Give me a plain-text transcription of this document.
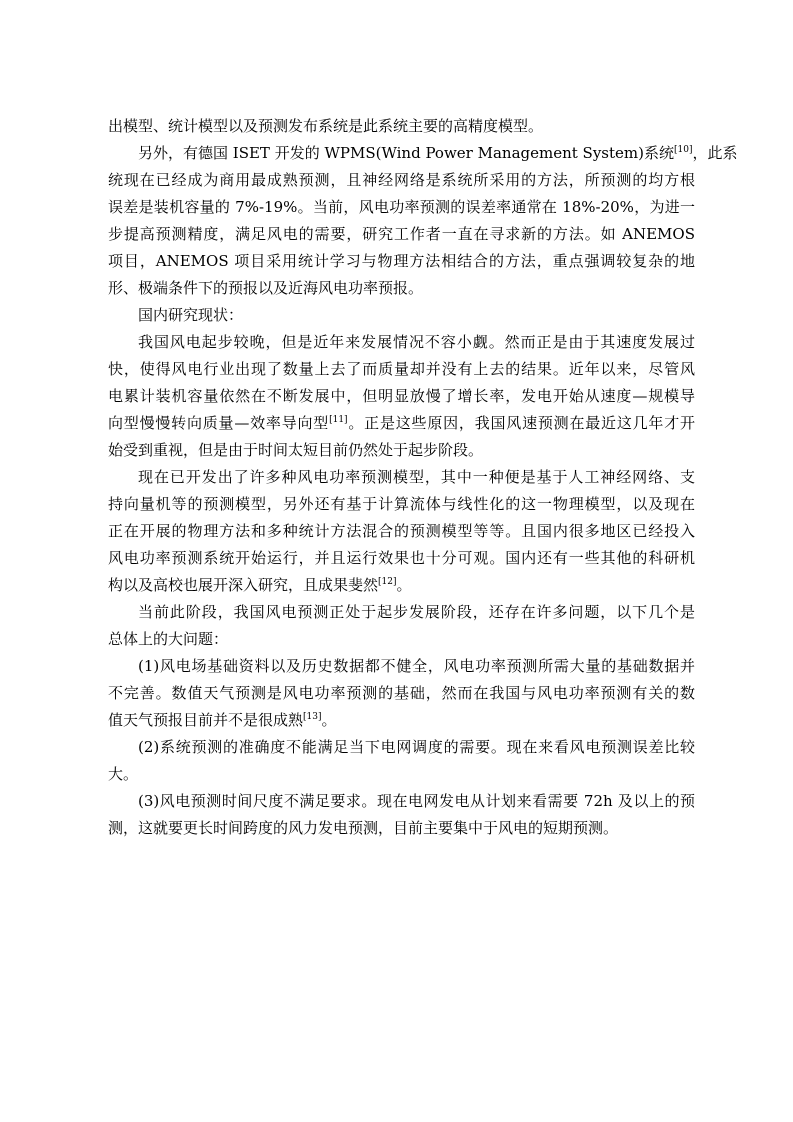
出模型、统计模型以及预测发布系统是此系统主要的高精度模型。
另外，有德国 ISET 开发的 WPMS(Wind Power Management System)系统[10]，此系
统现在已经成为商用最成熟预测，且神经网络是系统所采用的方法，所预测的均方根
误差是装机容量的 7%-19%。当前，风电功率预测的误差率通常在 18%-20%，为进一
步提高预测精度，满足风电的需要，研究工作者一直在寻求新的方法。如 ANEMOS
项目，ANEMOS 项目采用统计学习与物理方法相结合的方法，重点强调较复杂的地
形、极端条件下的预报以及近海风电功率预报。
国内研究现状：
我国风电起步较晚，但是近年来发展情况不容小觑。然而正是由于其速度发展过
快，使得风电行业出现了数量上去了而质量却并没有上去的结果。近年以来，尽管风
电累计装机容量依然在不断发展中，但明显放慢了增长率，发电开始从速度—规模导
向型慢慢转向质量—效率导向型[11]。正是这些原因，我国风速预测在最近这几年才开
始受到重视，但是由于时间太短目前仍然处于起步阶段。
现在已开发出了许多种风电功率预测模型，其中一种便是基于人工神经网络、支
持向量机等的预测模型，另外还有基于计算流体与线性化的这一物理模型，以及现在
正在开展的物理方法和多种统计方法混合的预测模型等等。且国内很多地区已经投入
风电功率预测系统开始运行，并且运行效果也十分可观。国内还有一些其他的科研机
构以及高校也展开深入研究，且成果斐然[12]。
当前此阶段，我国风电预测正处于起步发展阶段，还存在许多问题，以下几个是
总体上的大问题：
(1)风电场基础资料以及历史数据都不健全，风电功率预测所需大量的基础数据并
不完善。数值天气预测是风电功率预测的基础，然而在我国与风电功率预测有关的数
值天气预报目前并不是很成熟[13]。
(2)系统预测的准确度不能满足当下电网调度的需要。现在来看风电预测误差比较
大。
(3)风电预测时间尺度不满足要求。现在电网发电从计划来看需要 72h 及以上的预
测，这就要更长时间跨度的风力发电预测，目前主要集中于风电的短期预测。
